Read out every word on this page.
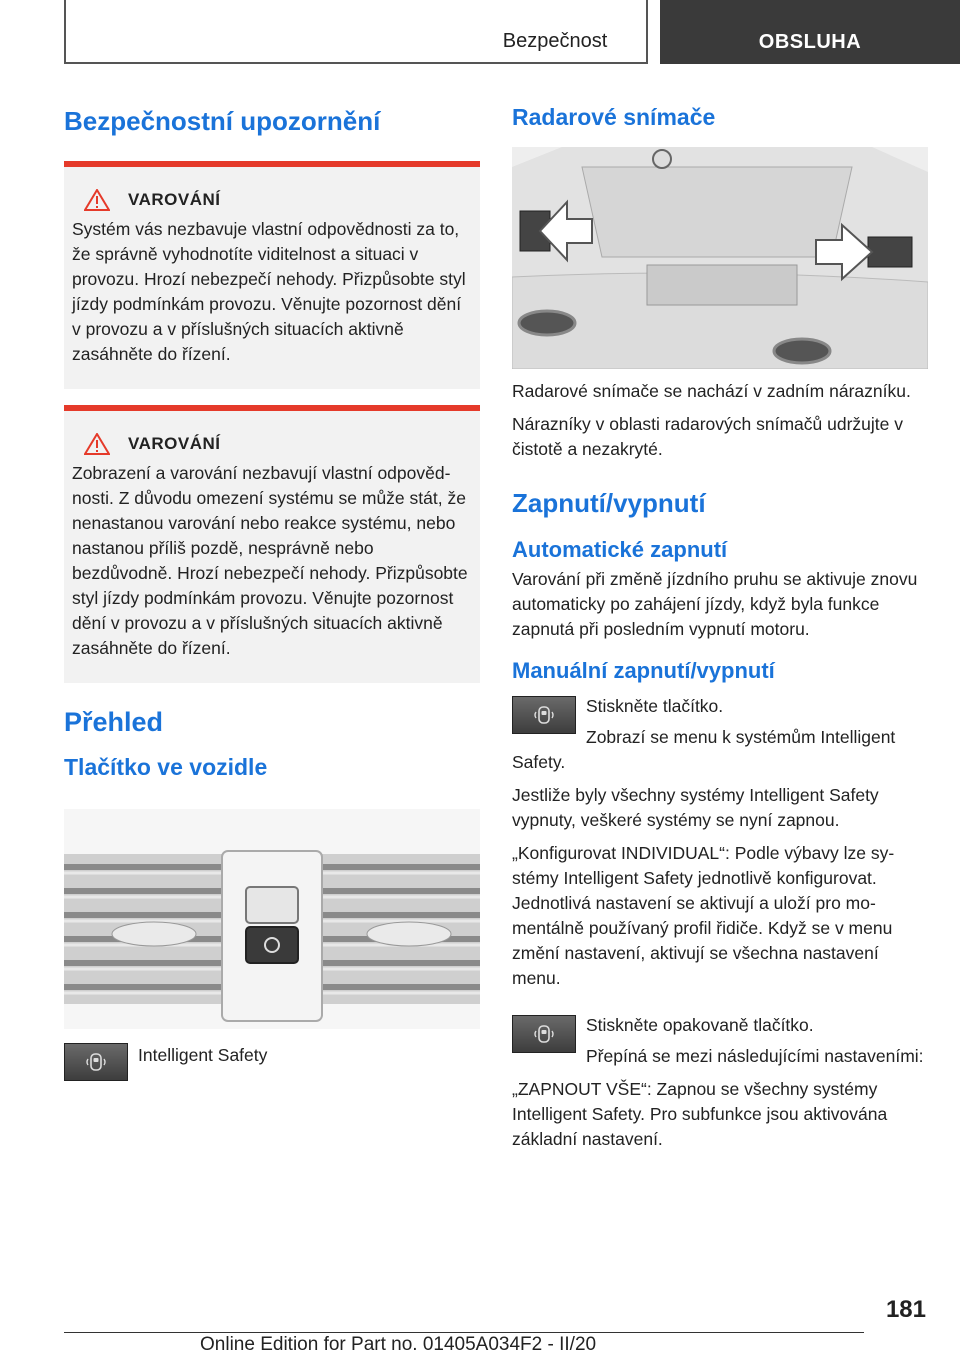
Bezpečnost	OBSLUHA
Bezpečnostní upozornění
VAROVÁNÍ

Systém vás nezbavuje vlastní odpovědnosti za to, že správně vyhodnotíte viditelnost a situaci v provozu. Hrozí nebezpečí nehody. Přizpůsobte styl jízdy podmínkám provozu. Věnujte pozornost dění v provozu a v příslušných situacích aktivně zasáhněte do řízení.

VAROVÁNÍ

Zobrazení a varování nezbavují vlastní odpovědnosti. Z důvodu omezení systému se může stát, že nenastanou varování nebo reakce systému, nebo nastanou příliš pozdě, nesprávně nebo bezdůvodně. Hrozí nebezpečí nehody. Přizpůsobte styl jízdy podmínkám provozu. Věnujte pozornost dění v provozu a v příslušných situacích aktivně zasáhněte do řízení.

Přehled
Tlačítko ve vozidle

Intelligent Safety

Radarové snímače

Radarové snímače se nachází v zadním nárazníku.

Nárazníky v oblasti radarových snímačů udržujte v čistotě a nezakryté.

Zapnutí/vypnutí
Automatické zapnutí

Varování při změně jízdního pruhu se aktivuje znovu automaticky po zahájení jízdy, když byla funkce zapnutá při posledním vypnutí motoru.

Manuální zapnutí/vypnutí

Stiskněte tlačítko.

Zobrazí se menu k systémům Intelligent Safety.

Jestliže byly všechny systémy Intelligent Safety vypnuty, veškeré systémy se nyní zapnou.

„Konfigurovat INDIVIDUAL“: Podle výbavy lze systémy Intelligent Safety jednotlivě konfigurovat. Jednotlivá nastavení se aktivují a uloží pro momentálně používaný profil řidiče. Když se v menu změní nastavení, aktivují se všechna nastavení menu.

Stiskněte opakovaně tlačítko.

Přepíná se mezi následujícími nastaveními:

„ZAPNOUT VŠE“: Zapnou se všechny systémy Intelligent Safety. Pro subfunkce jsou aktivována základní nastavení.

181
Online Edition for Part no. 01405A034F2 - II/20
